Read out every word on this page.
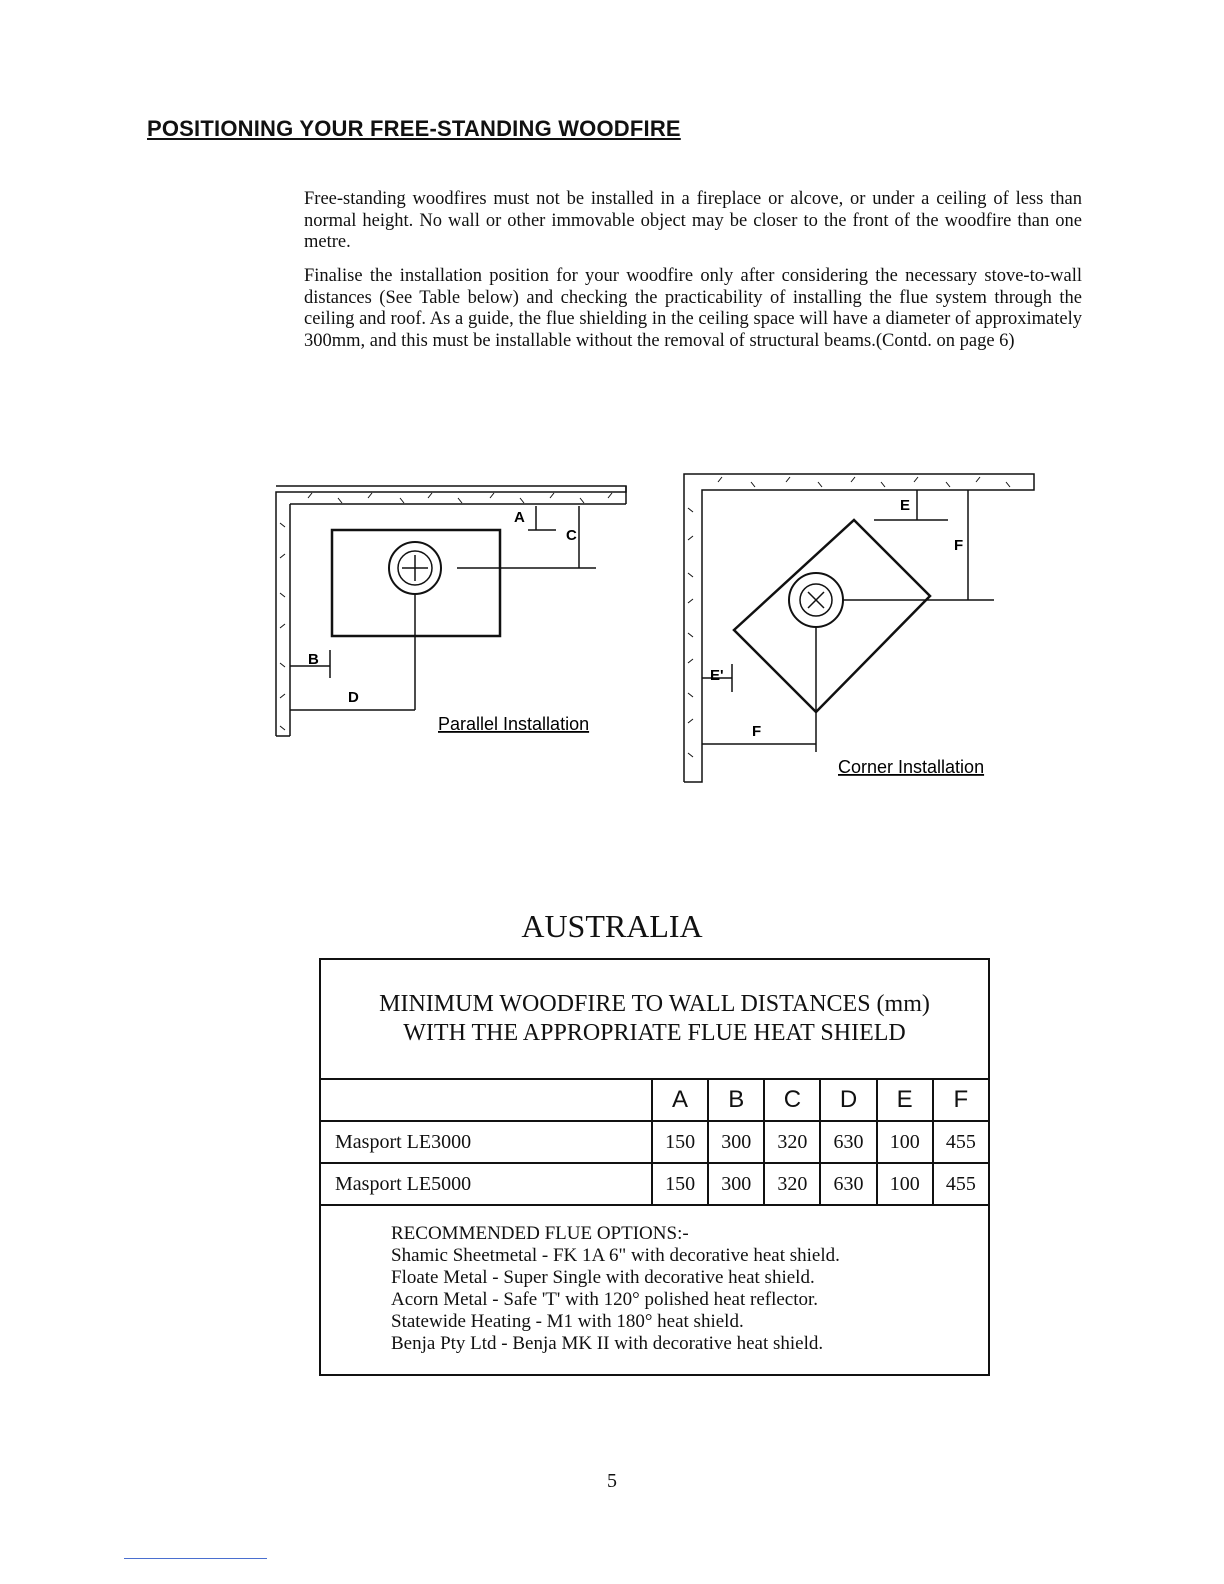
POSITIONING YOUR FREE-STANDING WOODFIRE

Free-standing woodfires must not be installed in a fireplace or alcove, or under a ceiling of less than normal height. No wall or other immovable object may be closer to the front of the woodfire than one metre.

Finalise the installation position for your woodfire only after considering the necessary stove-to-wall distances (See Table below) and checking the practicability of installing the flue system through the ceiling and roof. As a guide, the flue shielding in the ceiling space will have a diameter of approximately 300mm, and this must be installable without the removal of structural beams.(Contd. on page 6)

A
C
B
D
Parallel Installation
E
F
E'
F
Corner Installation
AUSTRALIA
MINIMUM WOODFIRE TO WALL DISTANCES (mm)
WITH THE APPROPRIATE FLUE HEAT SHIELD
	A	B	C	D	E	F
Masport LE3000	150	300	320	630	100	455
Masport LE5000	150	300	320	630	100	455
RECOMMENDED FLUE OPTIONS:-
Shamic Sheetmetal - FK 1A 6" with decorative heat shield.
Floate Metal - Super Single with decorative heat shield.
Acorn Metal - Safe 'T' with 120° polished heat reflector.
Statewide Heating - M1 with 180° heat shield.
Benja Pty Ltd - Benja MK II with decorative heat shield.
5
